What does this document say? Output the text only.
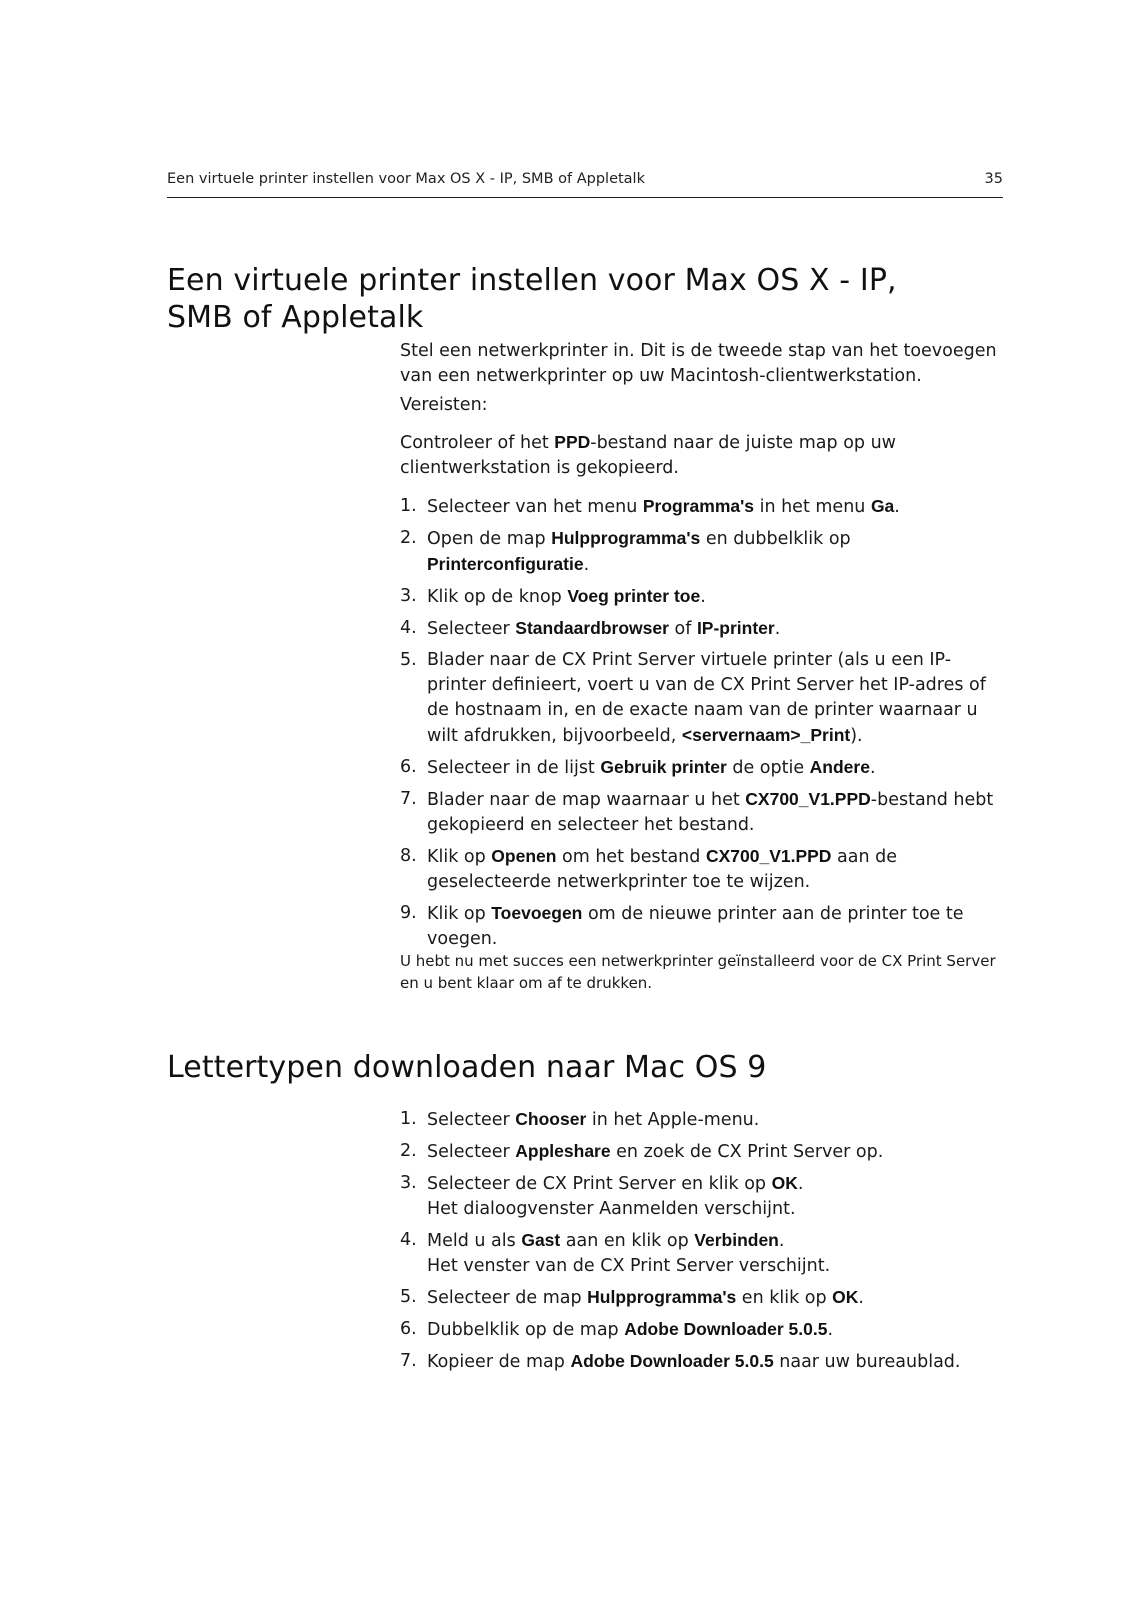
Een virtuele printer instellen voor Max OS X - IP, SMB of Appletalk	35
Een virtuele printer instellen voor Max OS X - IP, SMB of Appletalk

Stel een netwerkprinter in. Dit is de tweede stap van het toevoegen van een netwerkprinter op uw Macintosh-clientwerkstation.

Vereisten:

Controleer of het PPD-bestand naar de juiste map op uw clientwerkstation is gekopieerd.

1. Selecteer van het menu Programma's in het menu Ga.
2. Open de map Hulpprogramma's en dubbelklik op
Printerconfiguratie.
3. Klik op de knop Voeg printer toe.
4. Selecteer Standaardbrowser of IP-printer.
5. Blader naar de CX Print Server virtuele printer (als u een IP-printer definieert, voert u van de CX Print Server het IP-adres of de hostnaam in, en de exacte naam van de printer waarnaar u wilt afdrukken, bijvoorbeeld, <servernaam>_Print).
6. Selecteer in de lijst Gebruik printer de optie Andere.
7. Blader naar de map waarnaar u het CX700_V1.PPD-bestand hebt gekopieerd en selecteer het bestand.
8. Klik op Openen om het bestand CX700_V1.PPD aan de geselecteerde netwerkprinter toe te wijzen.
9. Klik op Toevoegen om de nieuwe printer aan de printer toe te voegen.

U hebt nu met succes een netwerkprinter geïnstalleerd voor de CX Print Server en u bent klaar om af te drukken.

Lettertypen downloaden naar Mac OS 9
1. Selecteer Chooser in het Apple-menu.
2. Selecteer Appleshare en zoek de CX Print Server op.
3. Selecteer de CX Print Server en klik op OK.
Het dialoogvenster Aanmelden verschijnt.
4. Meld u als Gast aan en klik op Verbinden.
Het venster van de CX Print Server verschijnt.
5. Selecteer de map Hulpprogramma's en klik op OK.
6. Dubbelklik op de map Adobe Downloader 5.0.5.
7. Kopieer de map Adobe Downloader 5.0.5 naar uw bureaublad.
